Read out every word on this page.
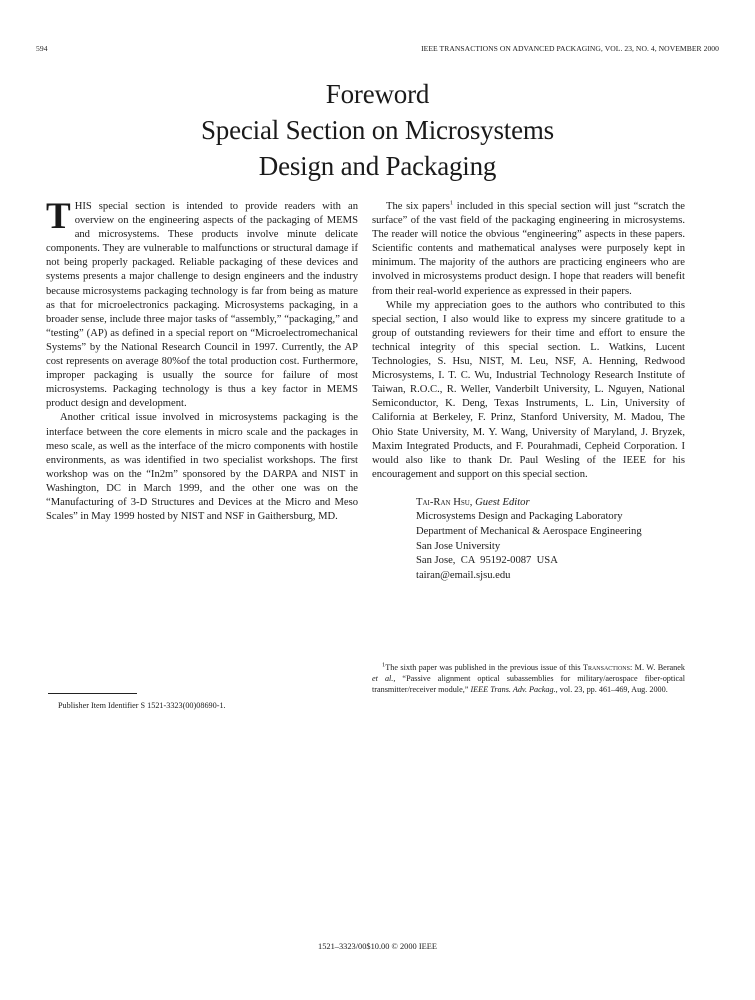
594	IEEE TRANSACTIONS ON ADVANCED PACKAGING, VOL. 23, NO. 4, NOVEMBER 2000
Foreword
Special Section on Microsystems
Design and Packaging

THIS special section is intended to provide readers with an overview on the engineering aspects of the packaging of MEMS and microsystems. These products involve minute delicate components. They are vulnerable to malfunctions or structural damage if not being properly packaged. Reliable packaging of these devices and systems presents a major challenge to design engineers and the industry because microsystems packaging technology is far from being as mature as that for microelectronics packaging. Microsystems packaging, in a broader sense, include three major tasks of “assembly,” “packaging,” and “testing” (AP) as defined in a special report on “Microelectromechanical Systems” by the National Research Council in 1997. Currently, the AP cost represents on average 80%of the total production cost. Furthermore, improper packaging is usually the source for failure of most microsystems. Packaging technology is thus a key factor in MEMS product design and development.

Another critical issue involved in microsystems packaging is the interface between the core elements in micro scale and the packages in meso scale, as well as the interface of the micro components with hostile environments, as was identified in two specialist workshops. The first workshop was on the “In2m” sponsored by the DARPA and NIST in Washington, DC in March 1999, and the other one was on the “Manufacturing of 3-D Structures and Devices at the Micro and Meso Scales” in May 1999 hosted by NIST and NSF in Gaithersburg, MD.

The six papers$^1$ included in this special section will just “scratch the surface” of the vast field of the packaging engineering in microsystems. The reader will notice the obvious “engineering” aspects in these papers. Scientific contents and mathematical analyses were purposely kept in minimum. The majority of the authors are practicing engineers who are involved in microsystems product design. I hope that readers will benefit from their real-world experience as expressed in their papers.

While my appreciation goes to the authors who contributed to this special section, I also would like to express my sincere gratitude to a group of outstanding reviewers for their time and effort to ensure the technical integrity of this special section. L. Watkins, Lucent Technologies, S. Hsu, NIST, M. Leu, NSF, A. Henning, Redwood Microsystems, I. T. C. Wu, Industrial Technology Research Institute of Taiwan, R.O.C., R. Weller, Vanderbilt University, L. Nguyen, National Semiconductor, K. Deng, Texas Instruments, L. Lin, University of California at Berkeley, F. Prinz, Stanford University, M. Madou, The Ohio State University, M. Y. Wang, University of Maryland, J. Bryzek, Maxim Integrated Products, and F. Pourahmadi, Cepheid Corporation. I would also like to thank Dr. Paul Wesling of the IEEE for his encouragement and support on this special section.

Tai-Ran Hsu, Guest Editor
Microsystems Design and Packaging Laboratory
Department of Mechanical & Aerospace Engineering
San Jose University
San Jose,  CA  95192-0087  USA
tairan@email.sjsu.edu

$^1$The sixth paper was published in the previous issue of this Transactions: M. W. Beranek et al., “Passive alignment optical subassemblies for military/aerospace fiber-optical transmitter/receiver module,” IEEE Trans. Adv. Packag., vol. 23, pp. 461–469, Aug. 2000.

Publisher Item Identifier S 1521-3323(00)08690-1.
1521–3323/00$10.00 © 2000 IEEE
